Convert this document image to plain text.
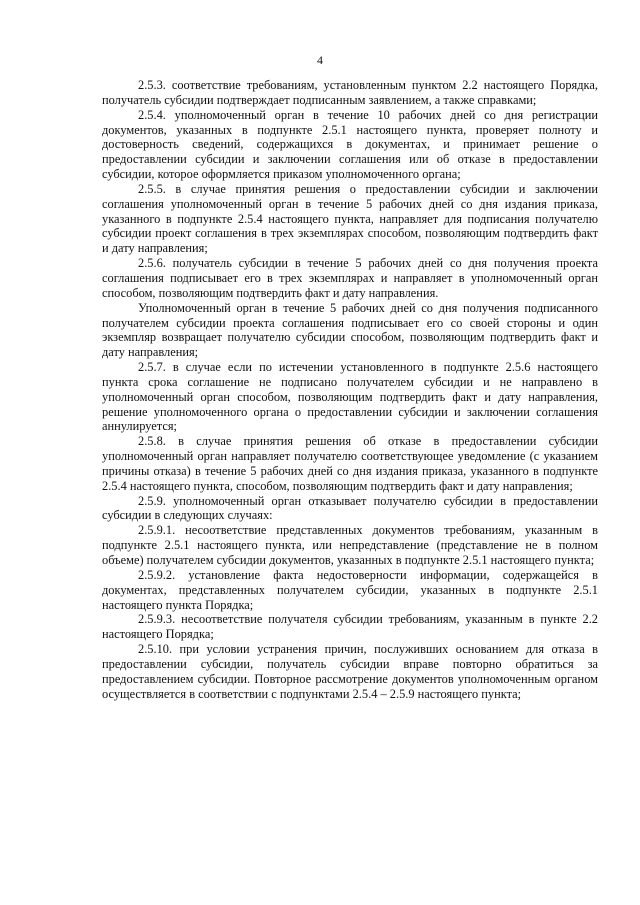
4

2.5.3. соответствие требованиям, установленным пунктом 2.2 настоящего Порядка, получатель субсидии подтверждает подписанным заявлением, а также справками;

2.5.4. уполномоченный орган в течение 10 рабочих дней со дня регистрации документов, указанных в подпункте 2.5.1 настоящего пункта, проверяет полноту и достоверность сведений, содержащихся в документах, и принимает решение о предоставлении субсидии и заключении соглашения или об отказе в предоставлении субсидии, которое оформляется приказом уполномоченного органа;

2.5.5. в случае принятия решения о предоставлении субсидии и заключении соглашения уполномоченный орган в течение 5 рабочих дней со дня издания приказа, указанного в подпункте 2.5.4 настоящего пункта, направляет для подписания получателю субсидии проект соглашения в трех экземплярах способом, позволяющим подтвердить факт и дату направления;

2.5.6. получатель субсидии в течение 5 рабочих дней со дня получения проекта соглашения подписывает его в трех экземплярах и направляет в уполномоченный орган способом, позволяющим подтвердить факт и дату направления.

Уполномоченный орган в течение 5 рабочих дней со дня получения подписанного получателем субсидии проекта соглашения подписывает его со своей стороны и один экземпляр возвращает получателю субсидии способом, позволяющим подтвердить факт и дату направления;

2.5.7. в случае если по истечении установленного в подпункте 2.5.6 настоящего пункта срока соглашение не подписано получателем субсидии и не направлено в уполномоченный орган способом, позволяющим подтвердить факт и дату направления, решение уполномоченного органа о предоставлении субсидии и заключении соглашения аннулируется;

2.5.8. в случае принятия решения об отказе в предоставлении субсидии уполномоченный орган направляет получателю соответствующее уведомление (с указанием причины отказа) в течение 5 рабочих дней со дня издания приказа, указанного в подпункте 2.5.4 настоящего пункта, способом, позволяющим подтвердить факт и дату направления;

2.5.9. уполномоченный орган отказывает получателю субсидии в предоставлении субсидии в следующих случаях:

2.5.9.1. несоответствие представленных документов требованиям, указанным в подпункте 2.5.1 настоящего пункта, или непредставление (представление не в полном объеме) получателем субсидии документов, указанных в подпункте 2.5.1 настоящего пункта;

2.5.9.2. установление факта недостоверности информации, содержащейся в документах, представленных получателем субсидии, указанных в подпункте 2.5.1 настоящего пункта Порядка;

2.5.9.3. несоответствие получателя субсидии требованиям, указанным в пункте 2.2 настоящего Порядка;

2.5.10. при условии устранения причин, послуживших основанием для отказа в предоставлении субсидии, получатель субсидии вправе повторно обратиться за предоставлением субсидии. Повторное рассмотрение документов уполномоченным органом осуществляется в соответствии с подпунктами 2.5.4 – 2.5.9 настоящего пункта;
